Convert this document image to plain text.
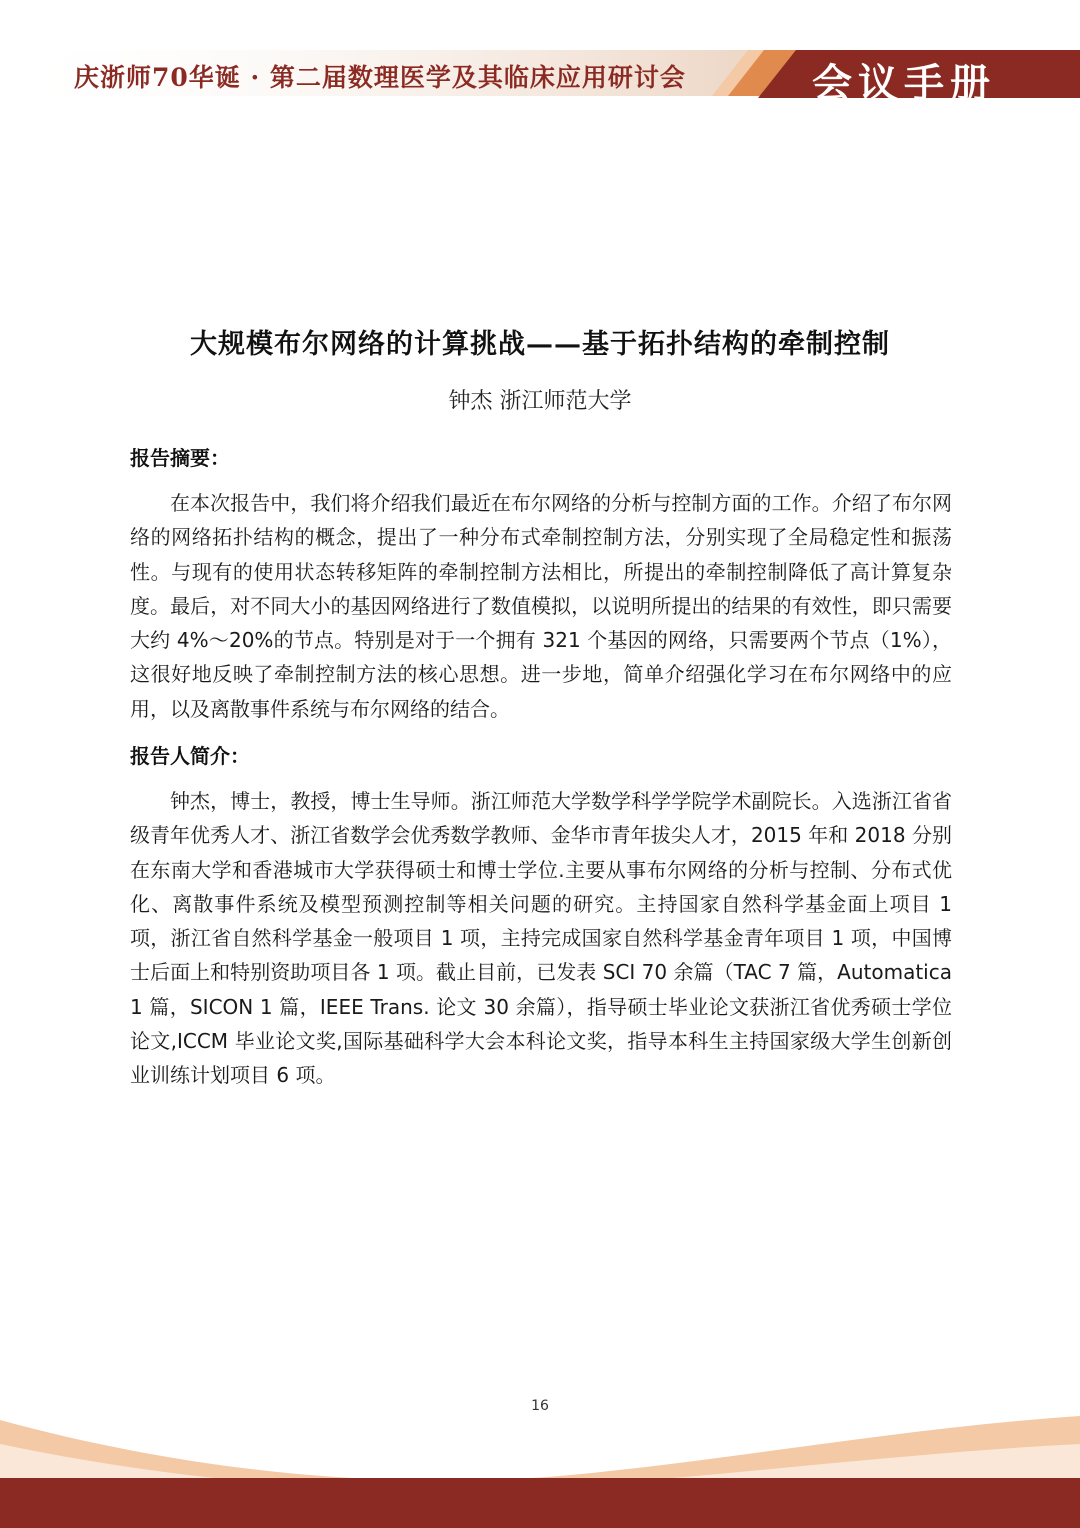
庆浙师70华诞 · 第二届数理医学及其临床应用研讨会	会议手册
大规模布尔网络的计算挑战——基于拓扑结构的牵制控制
钟杰 浙江师范大学
报告摘要：

在本次报告中，我们将介绍我们最近在布尔网络的分析与控制方面的工作。介绍了布尔网络的网络拓扑结构的概念，提出了一种分布式牵制控制方法，分别实现了全局稳定性和振荡性。与现有的使用状态转移矩阵的牵制控制方法相比，所提出的牵制控制降低了高计算复杂度。最后，对不同大小的基因网络进行了数值模拟，以说明所提出的结果的有效性，即只需要大约 4%～20%的节点。特别是对于一个拥有 321 个基因的网络，只需要两个节点（1%），这很好地反映了牵制控制方法的核心思想。进一步地，简单介绍强化学习在布尔网络中的应用，以及离散事件系统与布尔网络的结合。

报告人简介：

钟杰，博士，教授，博士生导师。浙江师范大学数学科学学院学术副院长。入选浙江省省级青年优秀人才、浙江省数学会优秀数学教师、金华市青年拔尖人才，2015 年和 2018 分别在东南大学和香港城市大学获得硕士和博士学位.主要从事布尔网络的分析与控制、分布式优化、离散事件系统及模型预测控制等相关问题的研究。主持国家自然科学基金面上项目 1 项，浙江省自然科学基金一般项目 1 项，主持完成国家自然科学基金青年项目 1 项，中国博士后面上和特别资助项目各 1 项。截止目前，已发表 SCI 70 余篇（TAC 7 篇，Automatica 1 篇，SICON 1 篇，IEEE Trans. 论文 30 余篇），指导硕士毕业论文获浙江省优秀硕士学位论文,ICCM 毕业论文奖,国际基础科学大会本科论文奖，指导本科生主持国家级大学生创新创业训练计划项目 6 项。

16
